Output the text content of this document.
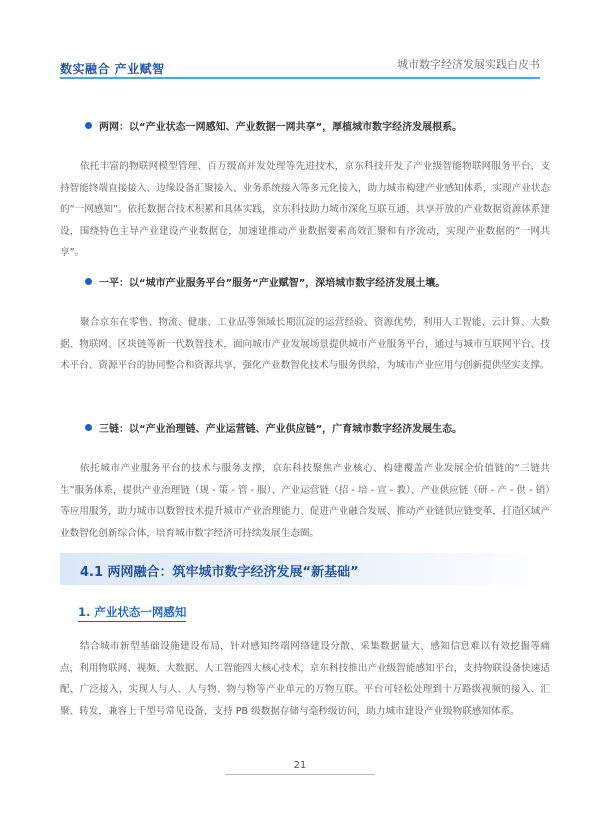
数实融合 产业赋智	城市数字经济发展实践白皮书
两网：以“产业状态一网感知、产业数据一网共享”，厚植城市数字经济发展根系。

依托丰富的物联网模型管理、百万级高并发处理等先进技术，京东科技开发了产业级智能物联网服务平台，支持智能终端直接接入、边缘设备汇聚接入、业务系统接入等多元化接入，助力城市构建产业感知体系，实现产业状态的“一网感知”。依托数据合技术积累和具体实践，京东科技助力城市深化互联互通、共享开放的产业数据资源体系建设，围绕特色主导产业建设产业数据仓，加速建推动产业数据要素高效汇聚和有序流动，实现产业数据的“一网共享”。

一平：以“城市产业服务平台”服务“产业赋智”，深培城市数字经济发展土壤。

聚合京东在零售、物流、健康、工业品等领域长期沉淀的运营经验、资源优势，利用人工智能、云计算、大数据、物联网、区块链等新一代数智技术，面向城市产业发展场景提供城市产业服务平台，通过与城市互联网平台、技术平台、资源平台的协同整合和资源共享，强化产业数智化技术与服务供给，为城市产业应用与创新提供坚实支撑。

三链：以“产业治理链、产业运营链、产业供应链”，广育城市数字经济发展生态。

依托城市产业服务平台的技术与服务支撑，京东科技聚焦产业核心、构建覆盖产业发展全价值链的“三链共生”服务体系，提供产业治理链（规 - 策 - 管 - 服）、产业运营链（招 - 培 - 宣 - 教）、产业供应链（研 - 产 - 供 - 销）等应用服务，助力城市以数智技术提升城市产业治理能力、促进产业融合发展、推动产业链供应链变革，打造区域产业数智化创新综合体，培育城市数字经济可持续发展生态圈。

4.1 两网融合：筑牢城市数字经济发展“新基础”
1. 产业状态一网感知

结合城市新型基础设施建设布局，针对感知终端网络建设分散、采集数据量大、感知信息难以有效挖掘等痛点，利用物联网、视频、大数据、人工智能四大核心技术，京东科技推出产业级智能感知平台，支持物联设备快速适配、广泛接入，实现人与人、人与物、物与物等产业单元的万物互联。平台可轻松处理到十万路级视频的接入、汇聚、转发，兼容上千型号常见设备，支持 PB 级数据存储与毫秒级访问，助力城市建设产业级物联感知体系。

21
